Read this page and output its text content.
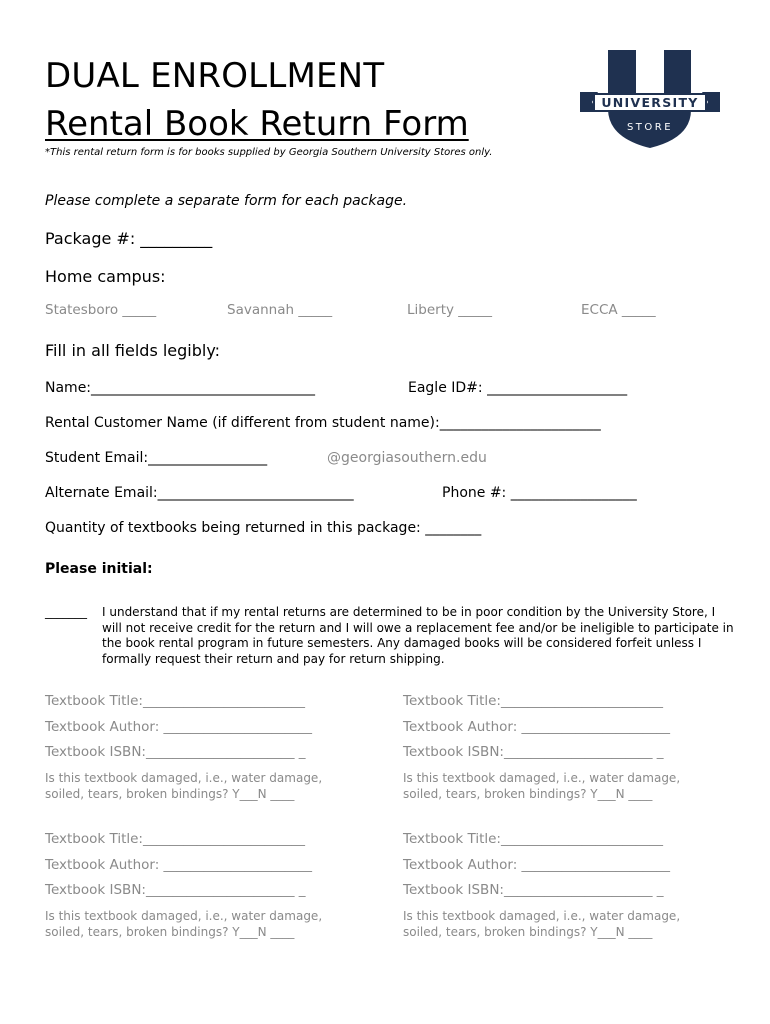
DUAL ENROLLMENT
Rental Book Return Form
*This rental return form is for books supplied by Georgia Southern University Stores only.
UNIVERSITY
STORE
Please complete a separate form for each package.
Package #: _________
Home campus:
Statesboro _____	Savannah _____	Liberty _____	ECCA _____
Fill in all fields legibly:
Name:________________________________	Eagle ID#: ____________________
Rental Customer Name (if different from student name):_______________________
Student Email:_________________	@georgiasouthern.edu
Alternate Email:____________________________	Phone #: __________________
Quantity of textbooks being returned in this package: ________
Please initial:
_______ I understand that if my rental returns are determined to be in poor condition by the University Store, I will not receive credit for the return and I will owe a replacement fee and/or be ineligible to participate in the book rental program in future semesters. Any damaged books will be considered forfeit unless I formally request their return and pay for return shipping.
Textbook Title:________________________
Textbook Author: ______________________
Textbook ISBN:______________________ _
Is this textbook damaged, i.e., water damage,
soiled, tears, broken bindings? Y___N ____
Textbook Title:________________________
Textbook Author: ______________________
Textbook ISBN:______________________ _
Is this textbook damaged, i.e., water damage,
soiled, tears, broken bindings? Y___N ____
Textbook Title:________________________
Textbook Author: ______________________
Textbook ISBN:______________________ _
Is this textbook damaged, i.e., water damage,
soiled, tears, broken bindings? Y___N ____
Textbook Title:________________________
Textbook Author: ______________________
Textbook ISBN:______________________ _
Is this textbook damaged, i.e., water damage,
soiled, tears, broken bindings? Y___N ____
